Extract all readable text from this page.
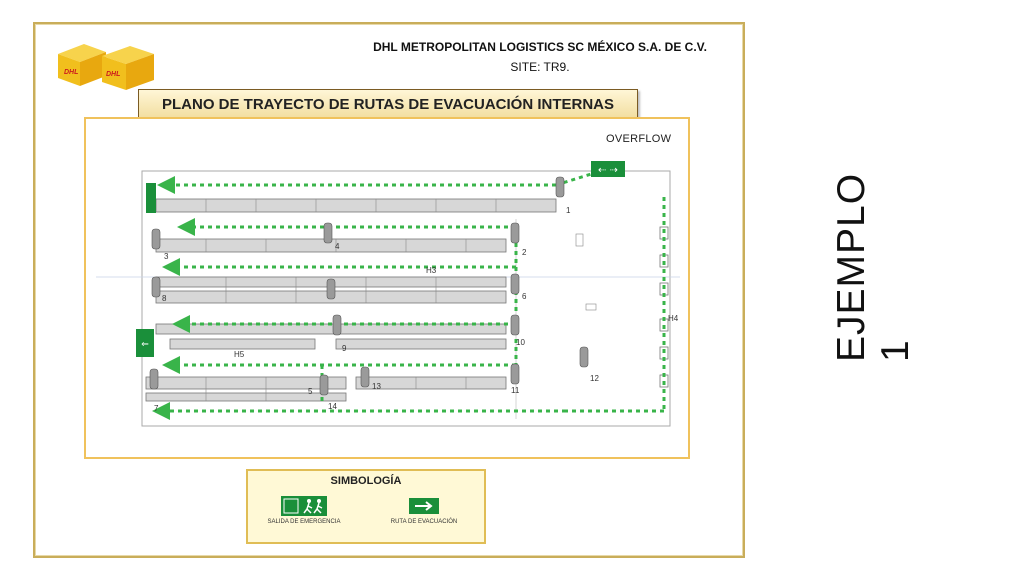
DHL	DHL
DHL METROPOLITAN LOGISTICS SC MÉXICO S.A. DE C.V.
SITE: TR9.
PLANO DE TRAYECTO DE RUTAS DE EVACUACIÓN INTERNAS
OVERFLOW
⇠ ⇢
⇐
1
2
3
4
5
6
7
8
9
10
11
12
13
14
H3
H4
H5
SIMBOLOGÍA
SALIDA DE EMERGENCIA	RUTA DE EVACUACIÓN
EJEMPLO 1
